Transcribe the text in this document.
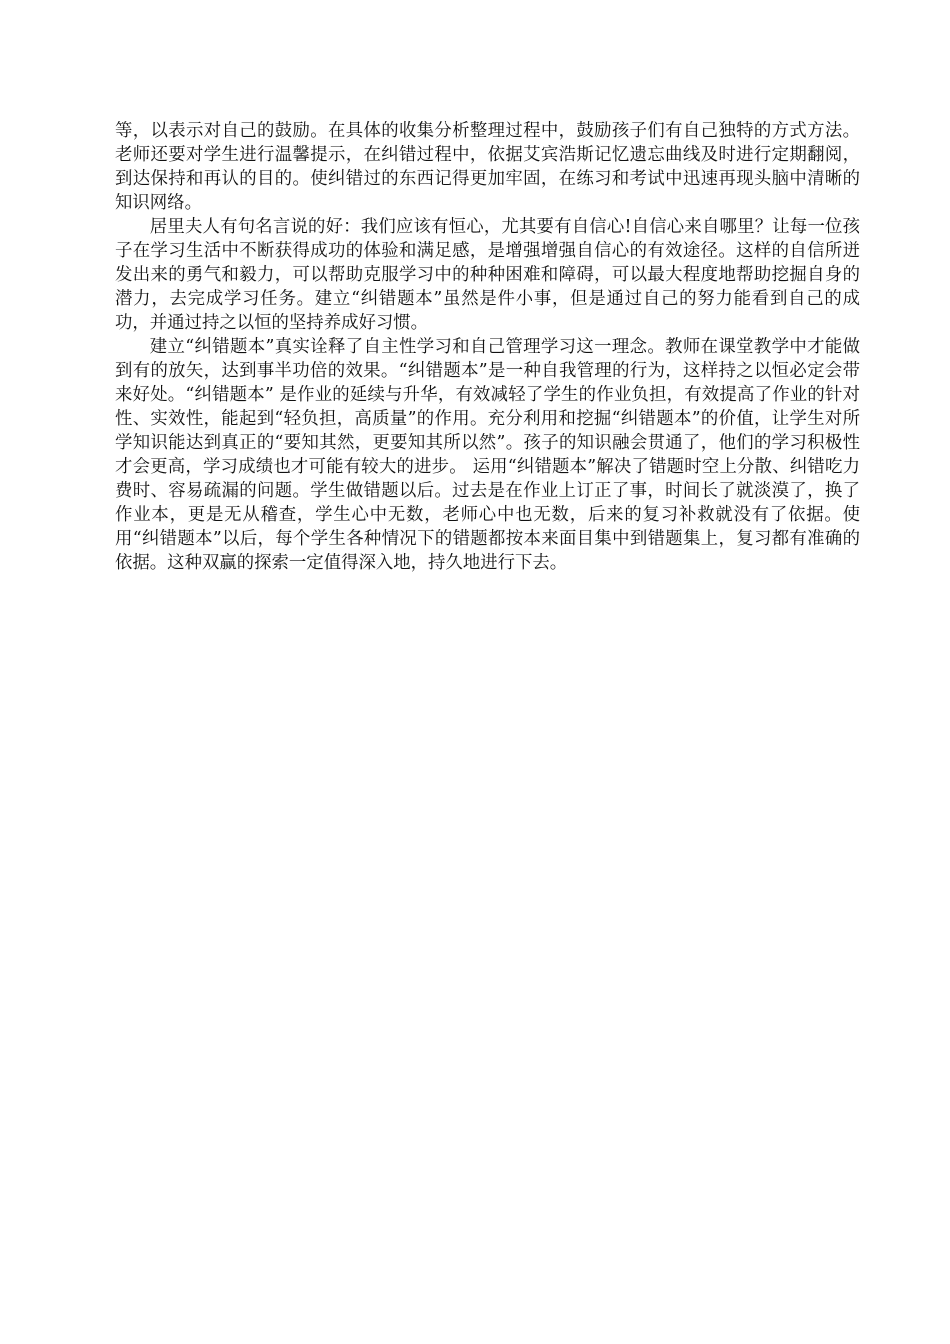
等，以表示对自己的鼓励。在具体的收集分析整理过程中，鼓励孩子们有自己独特的方式方法。老师还要对学生进行温馨提示，在纠错过程中，依据艾宾浩斯记忆遗忘曲线及时进行定期翻阅，到达保持和再认的目的。使纠错过的东西记得更加牢固，在练习和考试中迅速再现头脑中清晰的知识网络。

居里夫人有句名言说的好：我们应该有恒心，尤其要有自信心!自信心来自哪里？让每一位孩子在学习生活中不断获得成功的体验和满足感，是增强增强自信心的有效途径。这样的自信所迸发出来的勇气和毅力，可以帮助克服学习中的种种困难和障碍，可以最大程度地帮助挖掘自身的潜力，去完成学习任务。建立“纠错题本”虽然是件小事，但是通过自己的努力能看到自己的成功，并通过持之以恒的坚持养成好习惯。

建立“纠错题本”真实诠释了自主性学习和自己管理学习这一理念。教师在课堂教学中才能做到有的放矢，达到事半功倍的效果。“纠错题本”是一种自我管理的行为，这样持之以恒必定会带来好处。“纠错题本” 是作业的延续与升华，有效减轻了学生的作业负担，有效提高了作业的针对性、实效性，能起到“轻负担，高质量”的作用。充分利用和挖掘“纠错题本”的价值，让学生对所学知识能达到真正的“要知其然，更要知其所以然”。孩子的知识融会贯通了，他们的学习积极性才会更高，学习成绩也才可能有较大的进步。 运用“纠错题本”解决了错题时空上分散、纠错吃力费时、容易疏漏的问题。学生做错题以后。过去是在作业上订正了事，时间长了就淡漠了，换了作业本，更是无从稽查，学生心中无数，老师心中也无数，后来的复习补救就没有了依据。使用“纠错题本”以后，每个学生各种情况下的错题都按本来面目集中到错题集上，复习都有准确的依据。这种双赢的探索一定值得深入地，持久地进行下去。
